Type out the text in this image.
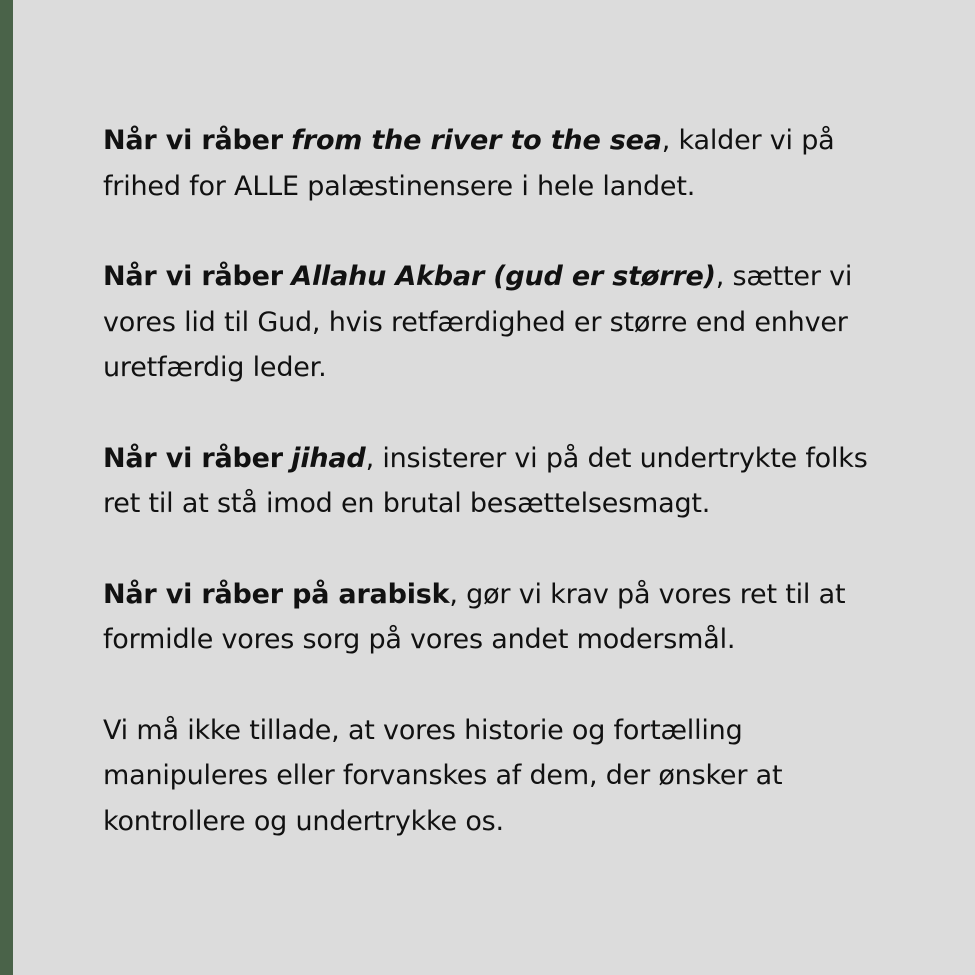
Når vi råber from the river to the sea, kalder vi på frihed for ALLE palæstinensere i hele landet.

Når vi råber Allahu Akbar (gud er større), sætter vi vores lid til Gud, hvis retfærdighed er større end enhver uretfærdig leder.

Når vi råber jihad, insisterer vi på det undertrykte folks ret til at stå imod en brutal besættelsesmagt.

Når vi råber på arabisk, gør vi krav på vores ret til at formidle vores sorg på vores andet modersmål.

Vi må ikke tillade, at vores historie og fortælling manipuleres eller forvanskes af dem, der ønsker at kontrollere og undertrykke os.
